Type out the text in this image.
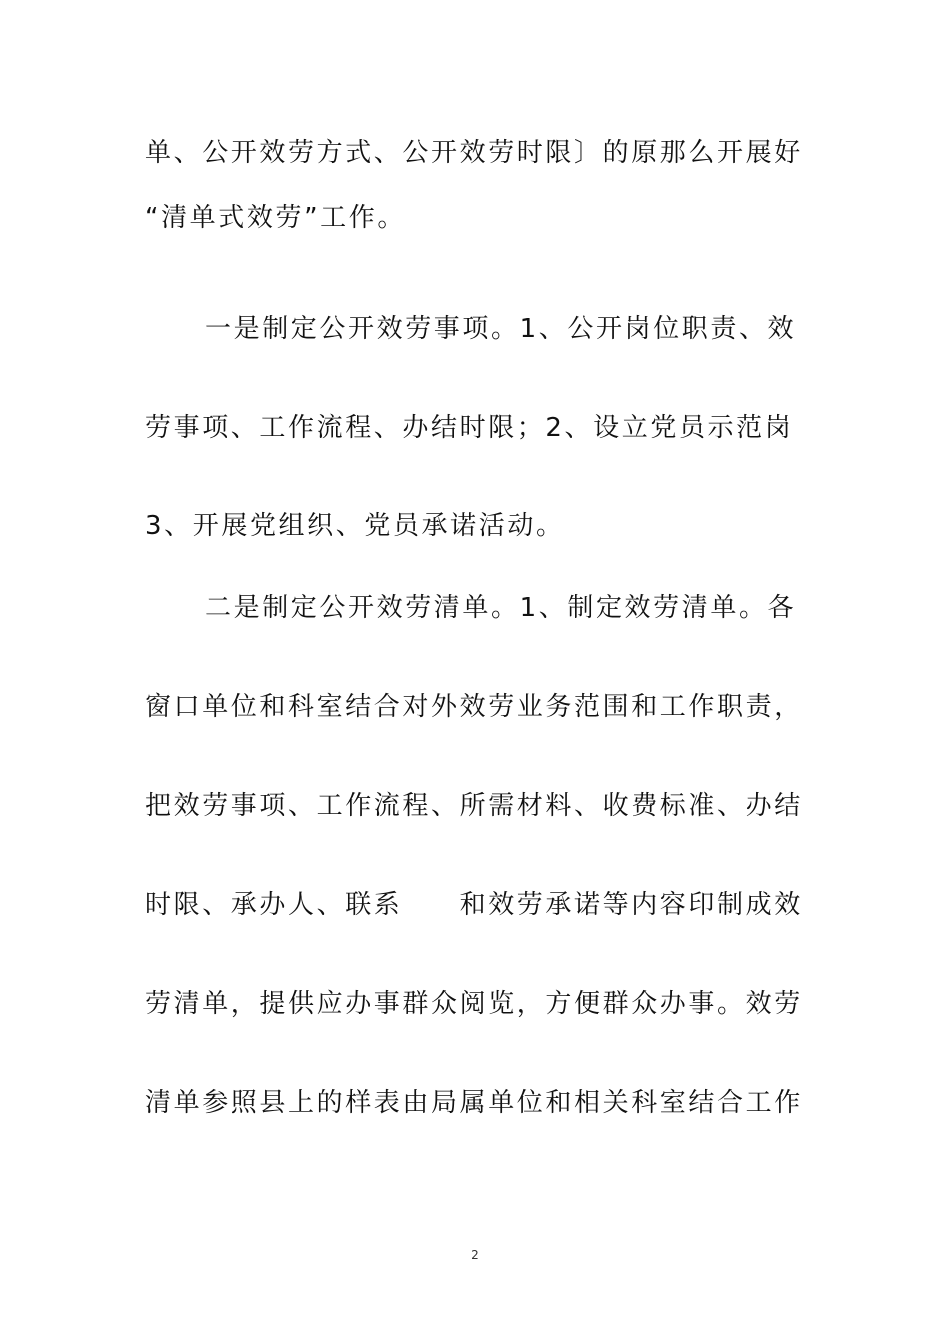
单、公开效劳方式、公开效劳时限〕的原那么开展好
“清单式效劳”工作。
一是制定公开效劳事项。1、公开岗位职责、效
劳事项、工作流程、办结时限；2、设立党员示范岗
3、开展党组织、党员承诺活动。
二是制定公开效劳清单。1、制定效劳清单。各
窗口单位和科室结合对外效劳业务范围和工作职责，
把效劳事项、工作流程、所需材料、收费标准、办结
时限、承办人、联系　　和效劳承诺等内容印制成效
劳清单，提供应办事群众阅览，方便群众办事。效劳
清单参照县上的样表由局属单位和相关科室结合工作
2
